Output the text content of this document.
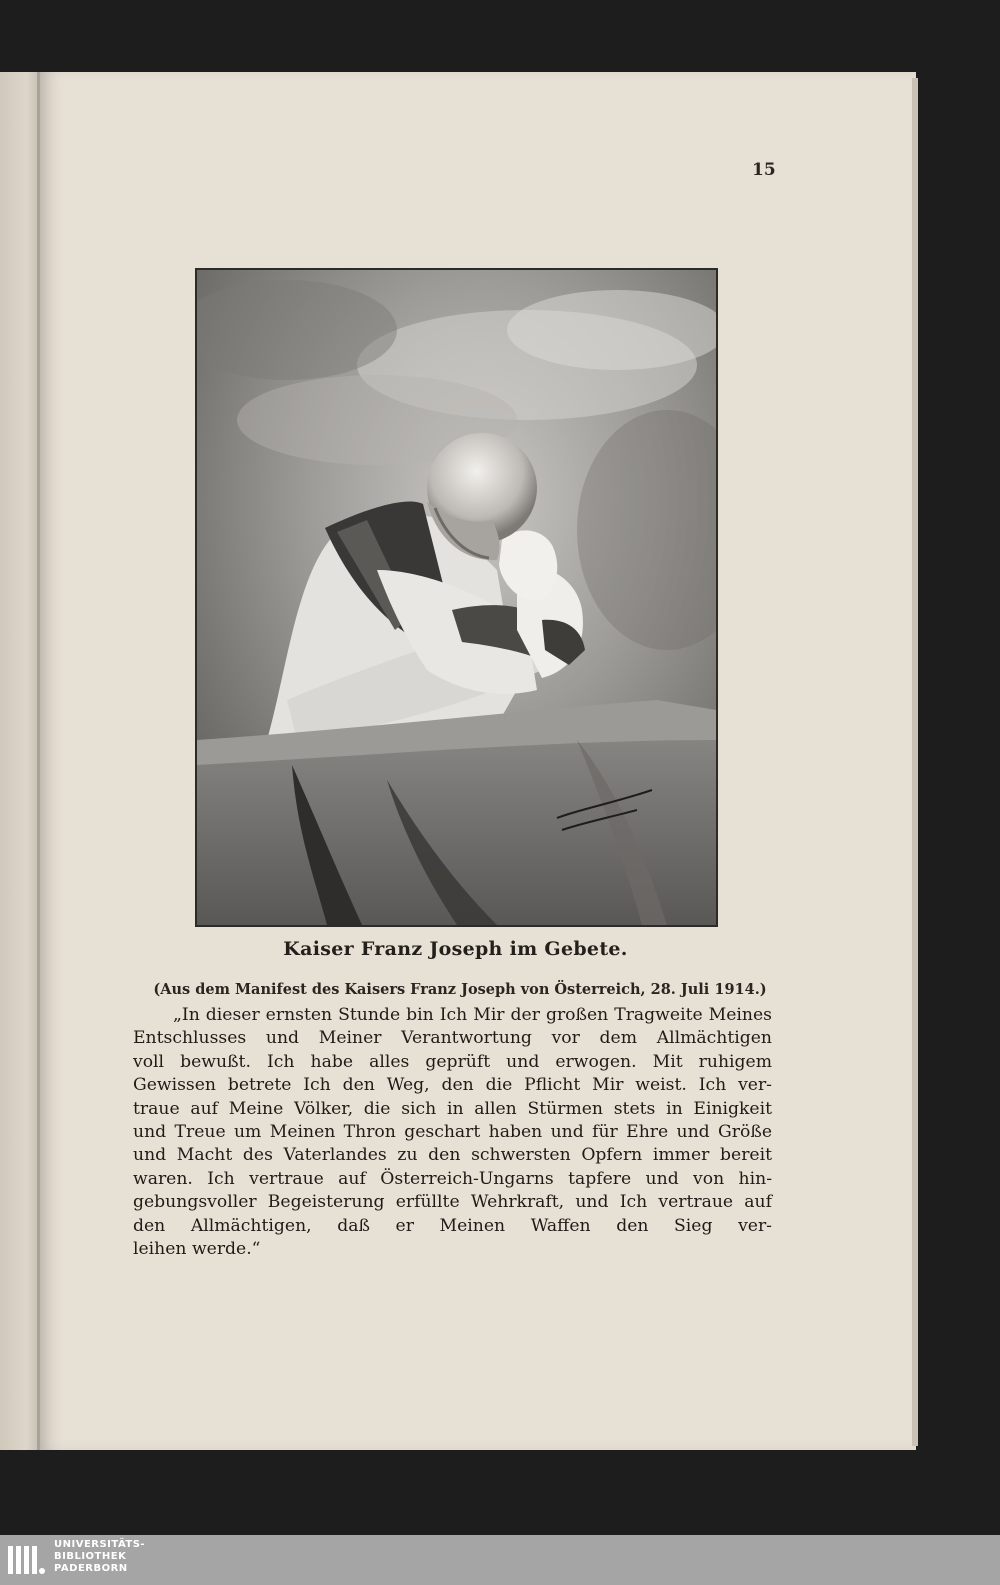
15
Kaiser Franz Joseph im Gebete.
(Aus dem Manifest des Kaisers Franz Joseph von Österreich, 28. Juli 1914.)
„In dieser ernsten Stunde bin Ich Mir der großen Tragweite Meines
Entschlusses und Meiner Verantwortung vor dem Allmächtigen
voll bewußt. Ich habe alles geprüft und erwogen. Mit ruhigem
Gewissen betrete Ich den Weg, den die Pflicht Mir weist. Ich ver-
traue auf Meine Völker, die sich in allen Stürmen stets in Einigkeit
und Treue um Meinen Thron geschart haben und für Ehre und Größe
und Macht des Vaterlandes zu den schwersten Opfern immer bereit
waren. Ich vertraue auf Österreich-Ungarns tapfere und von hin-
gebungsvoller Begeisterung erfüllte Wehrkraft, und Ich vertraue auf
den Allmächtigen, daß er Meinen Waffen den Sieg ver-
leihen werde.“
UNIVERSITÄTS-
BIBLIOTHEK
PADERBORN
